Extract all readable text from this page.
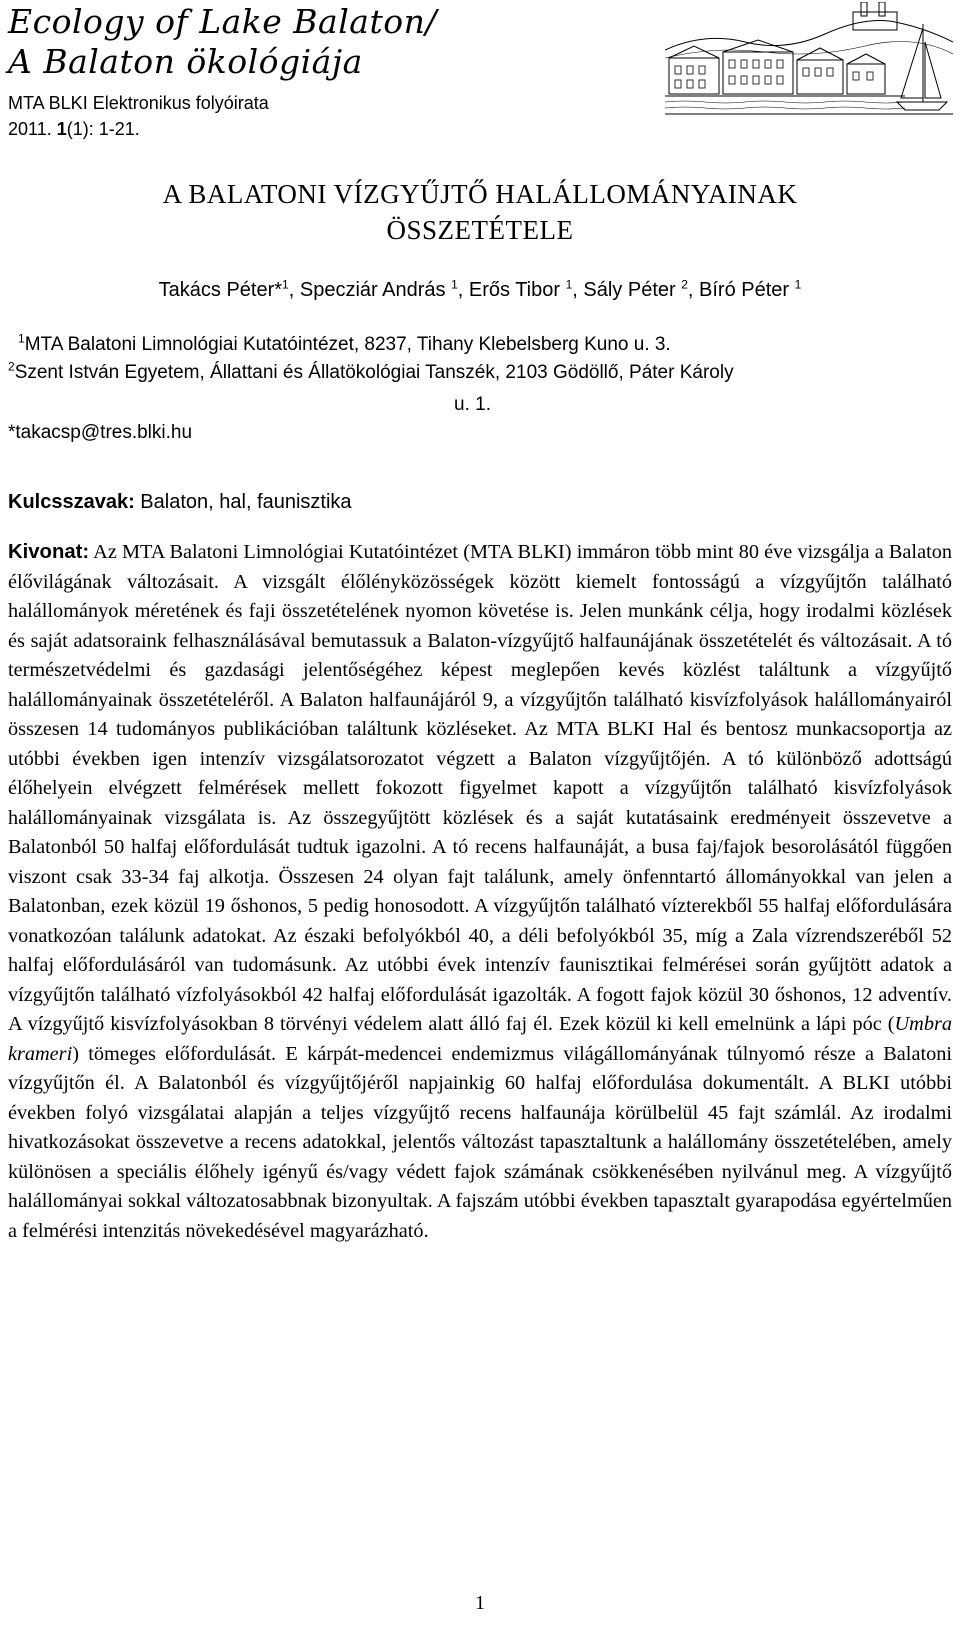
Ecology of Lake Balaton/
A Balaton ökológiája
MTA BLKI Elektronikus folyóirata
2011. 1(1): 1-21.
A BALATONI VÍZGYŰJTŐ HALÁLLOMÁNYAINAK
ÖSSZETÉTELE
Takács Péter*$^1$, Specziár András $^1$, Erős Tibor $^1$, Sály Péter $^2$, Bíró Péter $^1$
$^1$MTA Balatoni Limnológiai Kutatóintézet, 8237, Tihany Klebelsberg Kuno u. 3.
$^2$Szent István Egyetem, Állattani és Állatökológiai Tanszék, 2103 Gödöllő, Páter Károly
u. 1.
*takacsp@tres.blki.hu
Kulcsszavak: Balaton, hal, faunisztika
Kivonat: Az MTA Balatoni Limnológiai Kutatóintézet (MTA BLKI) immáron több mint 80 éve vizsgálja a Balaton élővilágának változásait. A vizsgált élőlényközösségek között kiemelt fontosságú a vízgyűjtőn található halállományok méretének és faji összetételének nyomon követése is. Jelen munkánk célja, hogy irodalmi közlések és saját adatsoraink felhasználásával bemutassuk a Balaton-vízgyűjtő halfaunájának összetételét és változásait. A tó természetvédelmi és gazdasági jelentőségéhez képest meglepően kevés közlést találtunk a vízgyűjtő halállományainak összetételéről. A Balaton halfaunájáról 9, a vízgyűjtőn található kisvízfolyások halállományairól összesen 14 tudományos publikációban találtunk közléseket. Az MTA BLKI Hal és bentosz munkacsoportja az utóbbi években igen intenzív vizsgálatsorozatot végzett a Balaton vízgyűjtőjén. A tó különböző adottságú élőhelyein elvégzett felmérések mellett fokozott figyelmet kapott a vízgyűjtőn található kisvízfolyások halállományainak vizsgálata is. Az összegyűjtött közlések és a saját kutatásaink eredményeit összevetve a Balatonból 50 halfaj előfordulását tudtuk igazolni. A tó recens halfaunáját, a busa faj/fajok besorolásától függően viszont csak 33-34 faj alkotja. Összesen 24 olyan fajt találunk, amely önfenntartó állományokkal van jelen a Balatonban, ezek közül 19 őshonos, 5 pedig honosodott. A vízgyűjtőn található vízterekből 55 halfaj előfordulására vonatkozóan találunk adatokat. Az északi befolyókból 40, a déli befolyókból 35, míg a Zala vízrendszeréből 52 halfaj előfordulásáról van tudomásunk. Az utóbbi évek intenzív faunisztikai felmérései során gyűjtött adatok a vízgyűjtőn található vízfolyásokból 42 halfaj előfordulását igazolták. A fogott fajok közül 30 őshonos, 12 adventív. A vízgyűjtő kisvízfolyásokban 8 törvényi védelem alatt álló faj él. Ezek közül ki kell emelnünk a lápi póc (Umbra krameri) tömeges előfordulását. E kárpát-medencei endemizmus világállományának túlnyomó része a Balatoni vízgyűjtőn él. A Balatonból és vízgyűjtőjéről napjainkig 60 halfaj előfordulása dokumentált. A BLKI utóbbi években folyó vizsgálatai alapján a teljes vízgyűjtő recens halfaunája körülbelül 45 fajt számlál. Az irodalmi hivatkozásokat összevetve a recens adatokkal, jelentős változást tapasztaltunk a halállomány összetételében, amely különösen a speciális élőhely igényű és/vagy védett fajok számának csökkenésében nyilvánul meg. A vízgyűjtő halállományai sokkal változatosabbnak bizonyultak. A fajszám utóbbi években tapasztalt gyarapodása egyértelműen a felmérési intenzitás növekedésével magyarázható.
1
